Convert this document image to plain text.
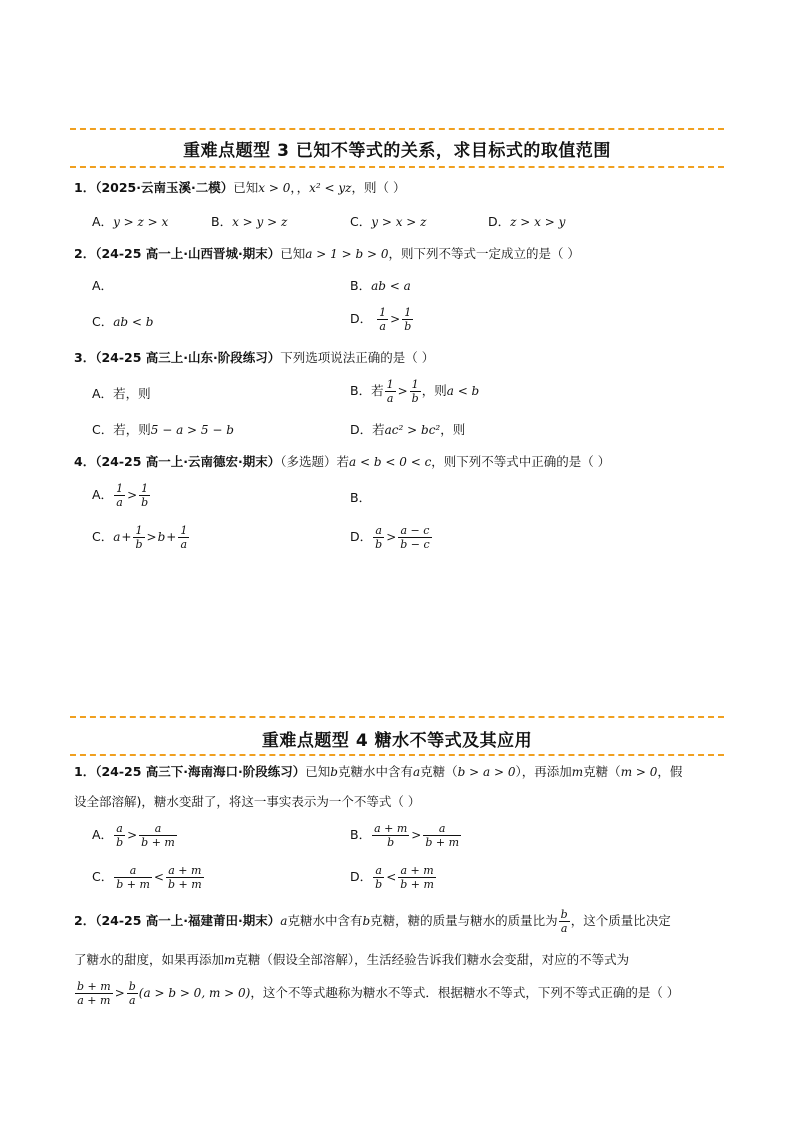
重难点题型 3 已知不等式的关系，求目标式的取值范围
1．（2025·云南玉溪·二模）已知x > 0，，x² < yz，则（ ）
A．y > z > x	B．x > y > z	C．y > x > z	D．z > x > y
2．（24-25 高一上·山西晋城·期末）已知a > 1 > b > 0，则下列不等式一定成立的是（ ）
A．	B．ab < a
C．ab < b	D． $\frac{1}{a} > \frac{1}{b}$
3．（24-25 高三上·山东·阶段练习）下列选项说法正确的是（ ）
A．若，则	B．若 $\frac{1}{a} > \frac{1}{b}$ ，则a < b
C．若，则5 − a > 5 − b	D．若ac² > bc²，则
4．（24-25 高一上·云南德宏·期末）（多选题）若a < b < 0 < c，则下列不等式中正确的是（ ）
A． $\frac{1}{a} > \frac{1}{b}$	B．
C．$a+ \frac{1}{b} >b+ \frac{1}{a}$	D． $\frac{a}{b} > \frac{a - c}{b - c}$
重难点题型 4 糖水不等式及其应用
1．（24-25 高三下·海南海口·阶段练习）已知b克糖水中含有a克糖（b > a > 0），再添加m克糖（m > 0，假
设全部溶解)，糖水变甜了，将这一事实表示为一个不等式（ ）
A． $\frac{a}{b} > \frac{a}{b + m}$	B． $\frac{a + m}{b} > \frac{a}{b + m}$
C． $\frac{a}{b + m} < \frac{a + m}{b + m}$	D． $\frac{a}{b} < \frac{a + m}{b + m}$
2．（24-25 高一上·福建莆田·期末）a克糖水中含有b克糖，糖的质量与糖水的质量比为 $\frac{b}{a}$ ，这个质量比决定
了糖水的甜度，如果再添加m克糖（假设全部溶解），生活经验告诉我们糖水会变甜，对应的不等式为
$\frac{b + m}{a + m} > \frac{b}{a} (a > b > 0$, m > 0)，这个不等式趣称为糖水不等式．根据糖水不等式，下列不等式正确的是（ ）
